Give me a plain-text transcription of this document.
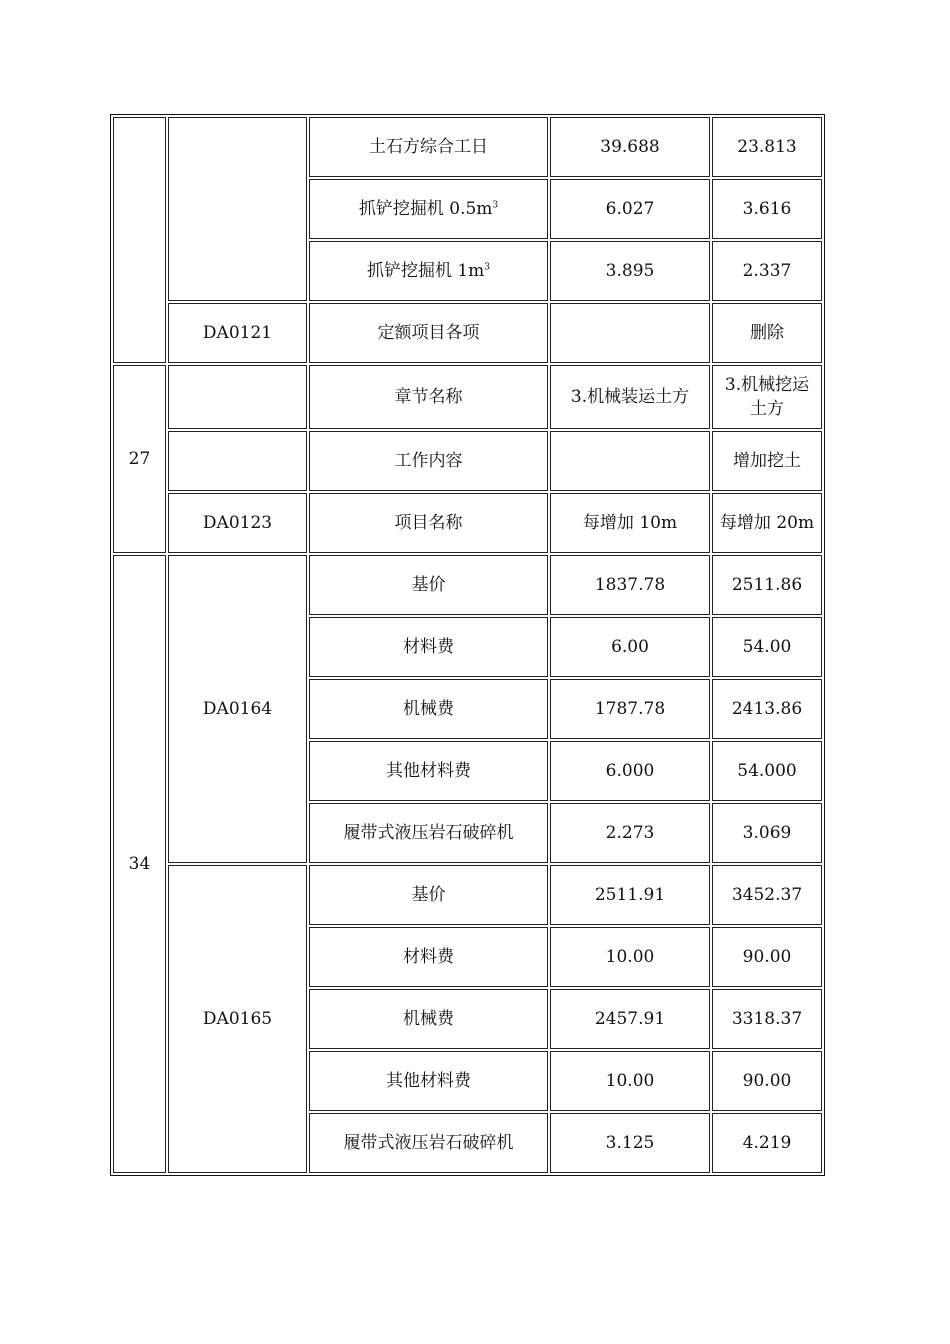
		土石方综合工日	39.688	23.813
		抓铲挖掘机 $0.5m^3$	6.027	3.616
		抓铲挖掘机 $1m^3$	3.895	2.337
	DA0121	定额项目各项		删除
27		章节名称	3.机械装运土方	3.机械挖运土方
		工作内容		增加挖土
	DA0123	项目名称	每增加 10m	每增加 20m
34	DA0164	基价	1837.78	2511.86
		材料费	6.00	54.00
		机械费	1787.78	2413.86
		其他材料费	6.000	54.000
		履带式液压岩石破碎机	2.273	3.069
	DA0165	基价	2511.91	3452.37
		材料费	10.00	90.00
		机械费	2457.91	3318.37
		其他材料费	10.00	90.00
		履带式液压岩石破碎机	3.125	4.219
